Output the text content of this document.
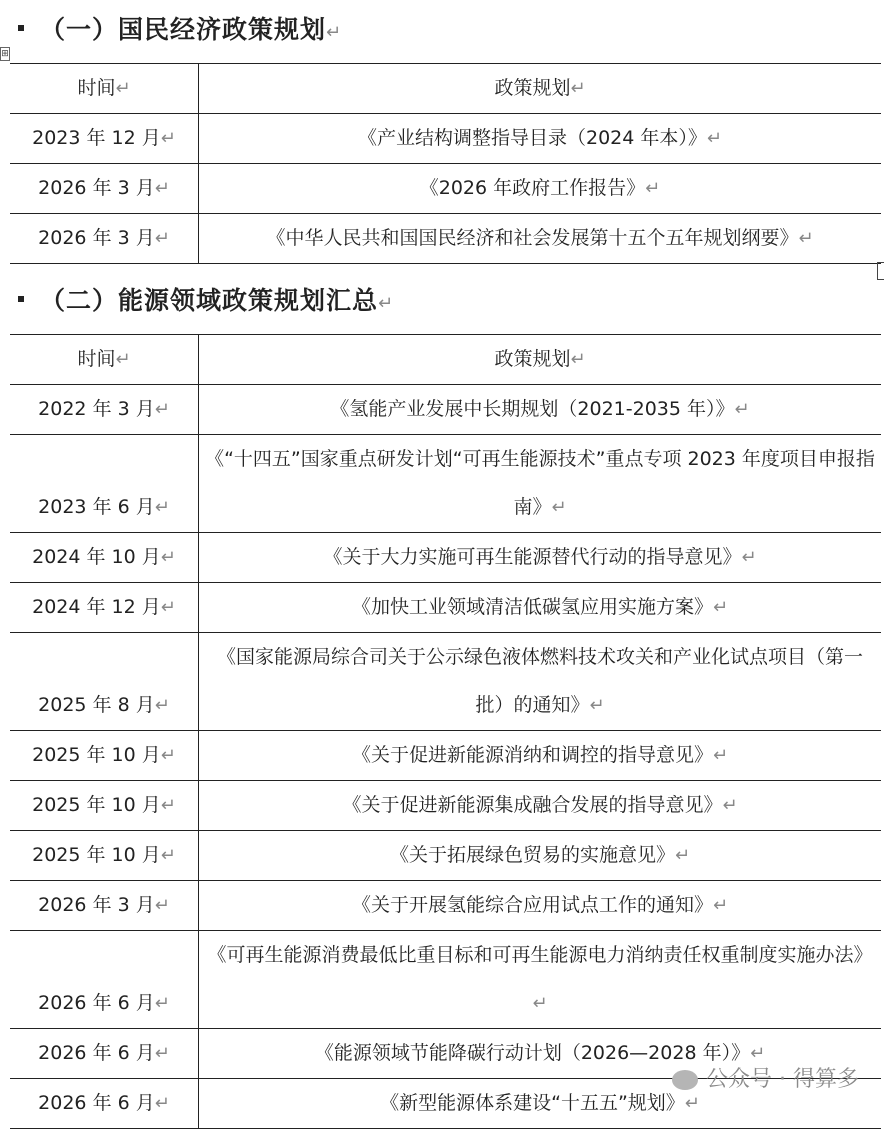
⊞
（一）国民经济政策规划↵
时间↵	政策规划↵
2023 年 12 月↵	《产业结构调整指导目录（2024 年本）》↵
2026 年 3 月↵	《2026 年政府工作报告》↵
2026 年 3 月↵	《中华人民共和国国民经济和社会发展第十五个五年规划纲要》↵
（二）能源领域政策规划汇总↵
时间↵	政策规划↵
2022 年 3 月↵	《氢能产业发展中长期规划（2021-2035 年）》↵
2023 年 6 月↵	《“十四五”国家重点研发计划“可再生能源技术”重点专项 2023 年度项目申报指南》↵
2024 年 10 月↵	《关于大力实施可再生能源替代行动的指导意见》↵
2024 年 12 月↵	《加快工业领域清洁低碳氢应用实施方案》↵
2025 年 8 月↵	《国家能源局综合司关于公示绿色液体燃料技术攻关和产业化试点项目（第一批）的通知》↵
2025 年 10 月↵	《关于促进新能源消纳和调控的指导意见》↵
2025 年 10 月↵	《关于促进新能源集成融合发展的指导意见》↵
2025 年 10 月↵	《关于拓展绿色贸易的实施意见》↵
2026 年 3 月↵	《关于开展氢能综合应用试点工作的通知》↵
2026 年 6 月↵	《可再生能源消费最低比重目标和可再生能源电力消纳责任权重制度实施办法》↵
2026 年 6 月↵	《能源领域节能降碳行动计划（2026—2028 年）》↵
2026 年 6 月↵	《新型能源体系建设“十五五”规划》↵
公众号 · 得算多
